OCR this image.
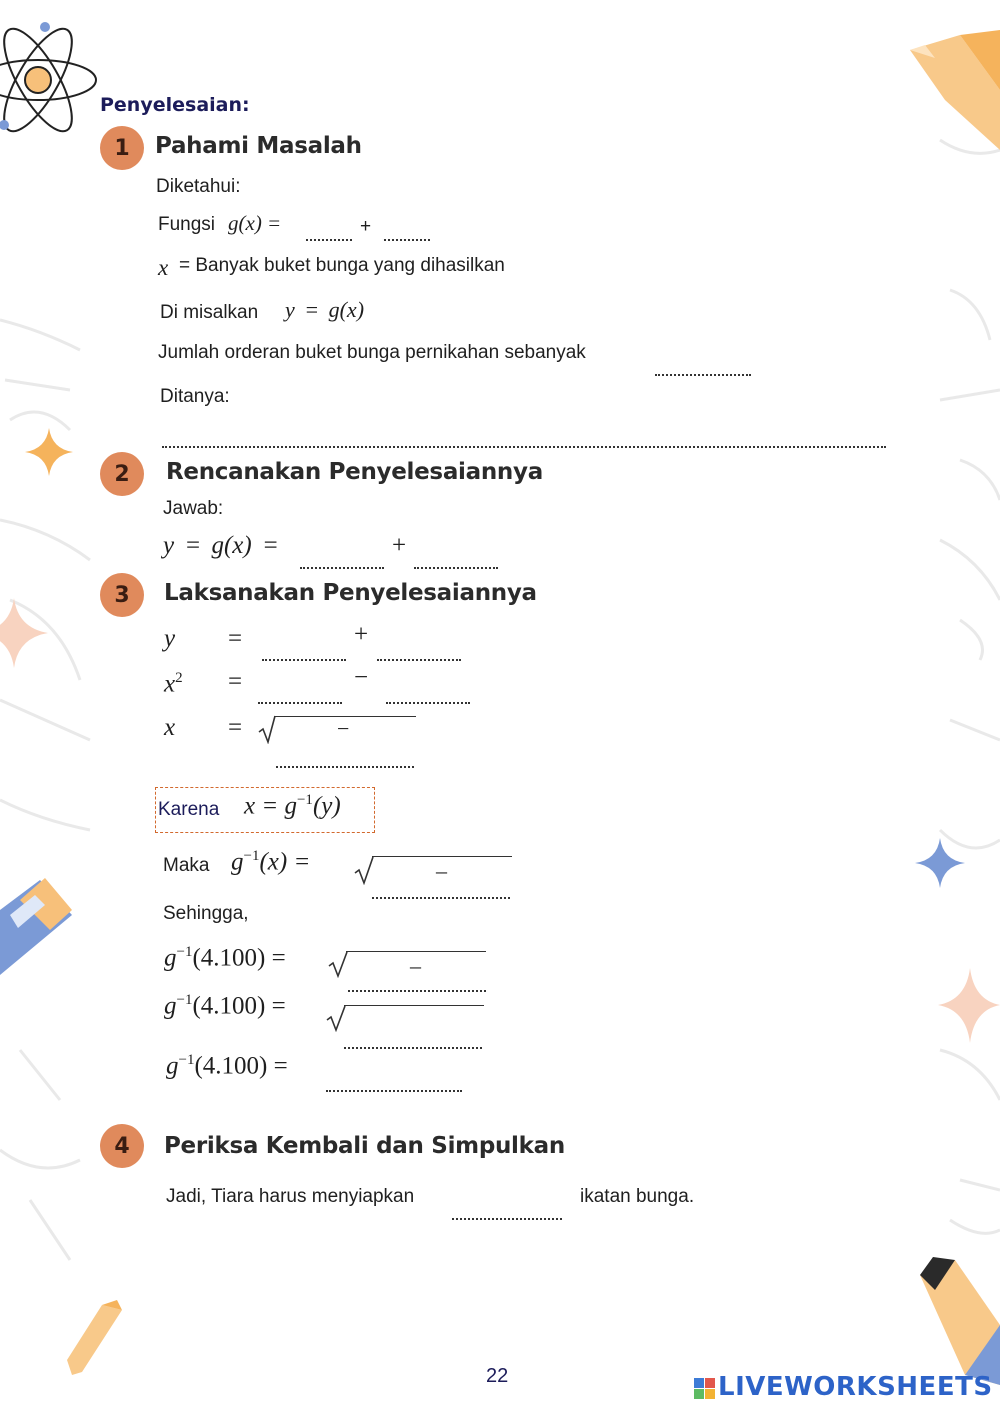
Penyelesaian:
1	Pahami Masalah
Diketahui:
Fungsi g(x) =	+
x = Banyak buket bunga yang dihasilkan
Di misalkan y = g(x)
Jumlah orderan buket bunga pernikahan sebanyak
Ditanya:
2	Rencanakan Penyelesaiannya
Jawab:
y = g(x) =	+
3	Laksanakan Penyelesaiannya
y =	+
$x^2$ =	−
x =	−
Karena $x = g^{-1}(y)$
Maka $g^{-1}(x)$ =	–
Sehingga,
$g^{-1}(4.100)$ =	–
$g^{-1}(4.100)$ =
$g^{-1}(4.100)$ =
4	Periksa Kembali dan Simpulkan
Jadi, Tiara harus menyiapkan	ikatan bunga.
22	LIVEWORKSHEETS
